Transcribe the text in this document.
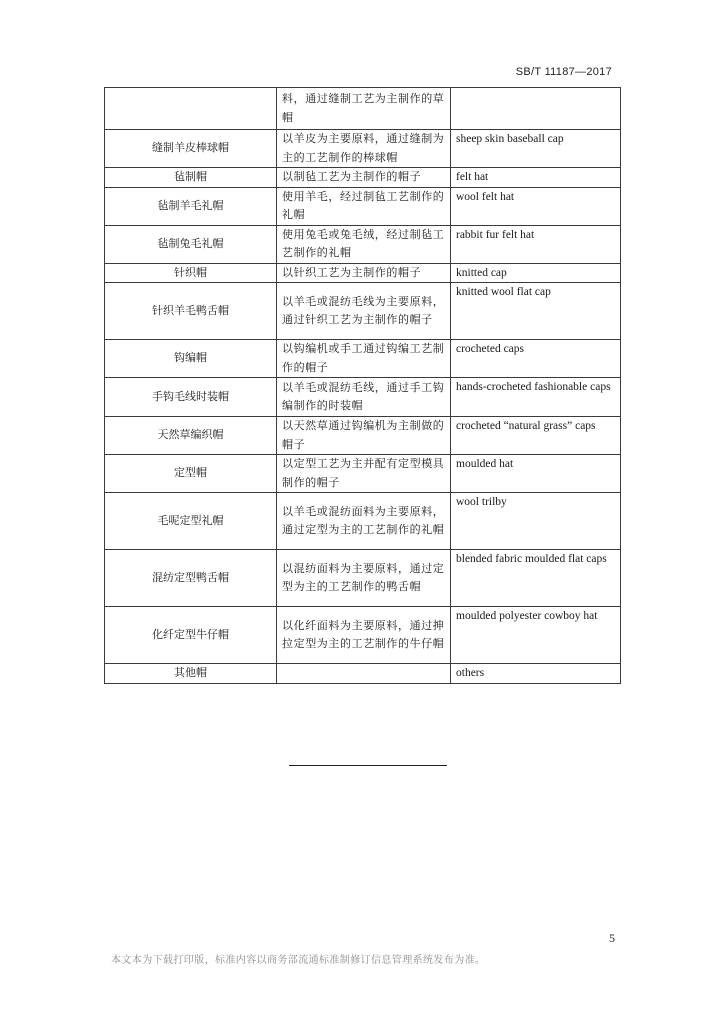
SB/T 11187—2017
	料，通过缝制工艺为主制作的草帽	
缝制羊皮棒球帽	以羊皮为主要原料，通过缝制为主的工艺制作的棒球帽	sheep skin baseball cap
毡制帽	以制毡工艺为主制作的帽子	felt hat
毡制羊毛礼帽	使用羊毛，经过制毡工艺制作的礼帽	wool felt hat
毡制兔毛礼帽	使用兔毛或兔毛绒，经过制毡工艺制作的礼帽	rabbit fur felt hat
针织帽	以针织工艺为主制作的帽子	knitted cap
针织羊毛鸭舌帽	以羊毛或混纺毛线为主要原料，通过针织工艺为主制作的帽子	knitted wool flat cap
钩编帽	以钩编机或手工通过钩编工艺制作的帽子	crocheted caps
手钩毛线时装帽	以羊毛或混纺毛线，通过手工钩编制作的时装帽	hands-crocheted fashionable caps
天然草编织帽	以天然草通过钩编机为主制做的帽子	crocheted “natural grass” caps
定型帽	以定型工艺为主并配有定型模具制作的帽子	moulded hat
毛呢定型礼帽	以羊毛或混纺面料为主要原料，通过定型为主的工艺制作的礼帽	wool trilby
混纺定型鸭舌帽	以混纺面料为主要原料，通过定型为主的工艺制作的鸭舌帽	blended fabric moulded flat caps
化纤定型牛仔帽	以化纤面料为主要原料，通过抻拉定型为主的工艺制作的牛仔帽	moulded polyester cowboy hat
其他帽		others
5
本文本为下载打印版，标准内容以商务部流通标准制修订信息管理系统发布为准。
